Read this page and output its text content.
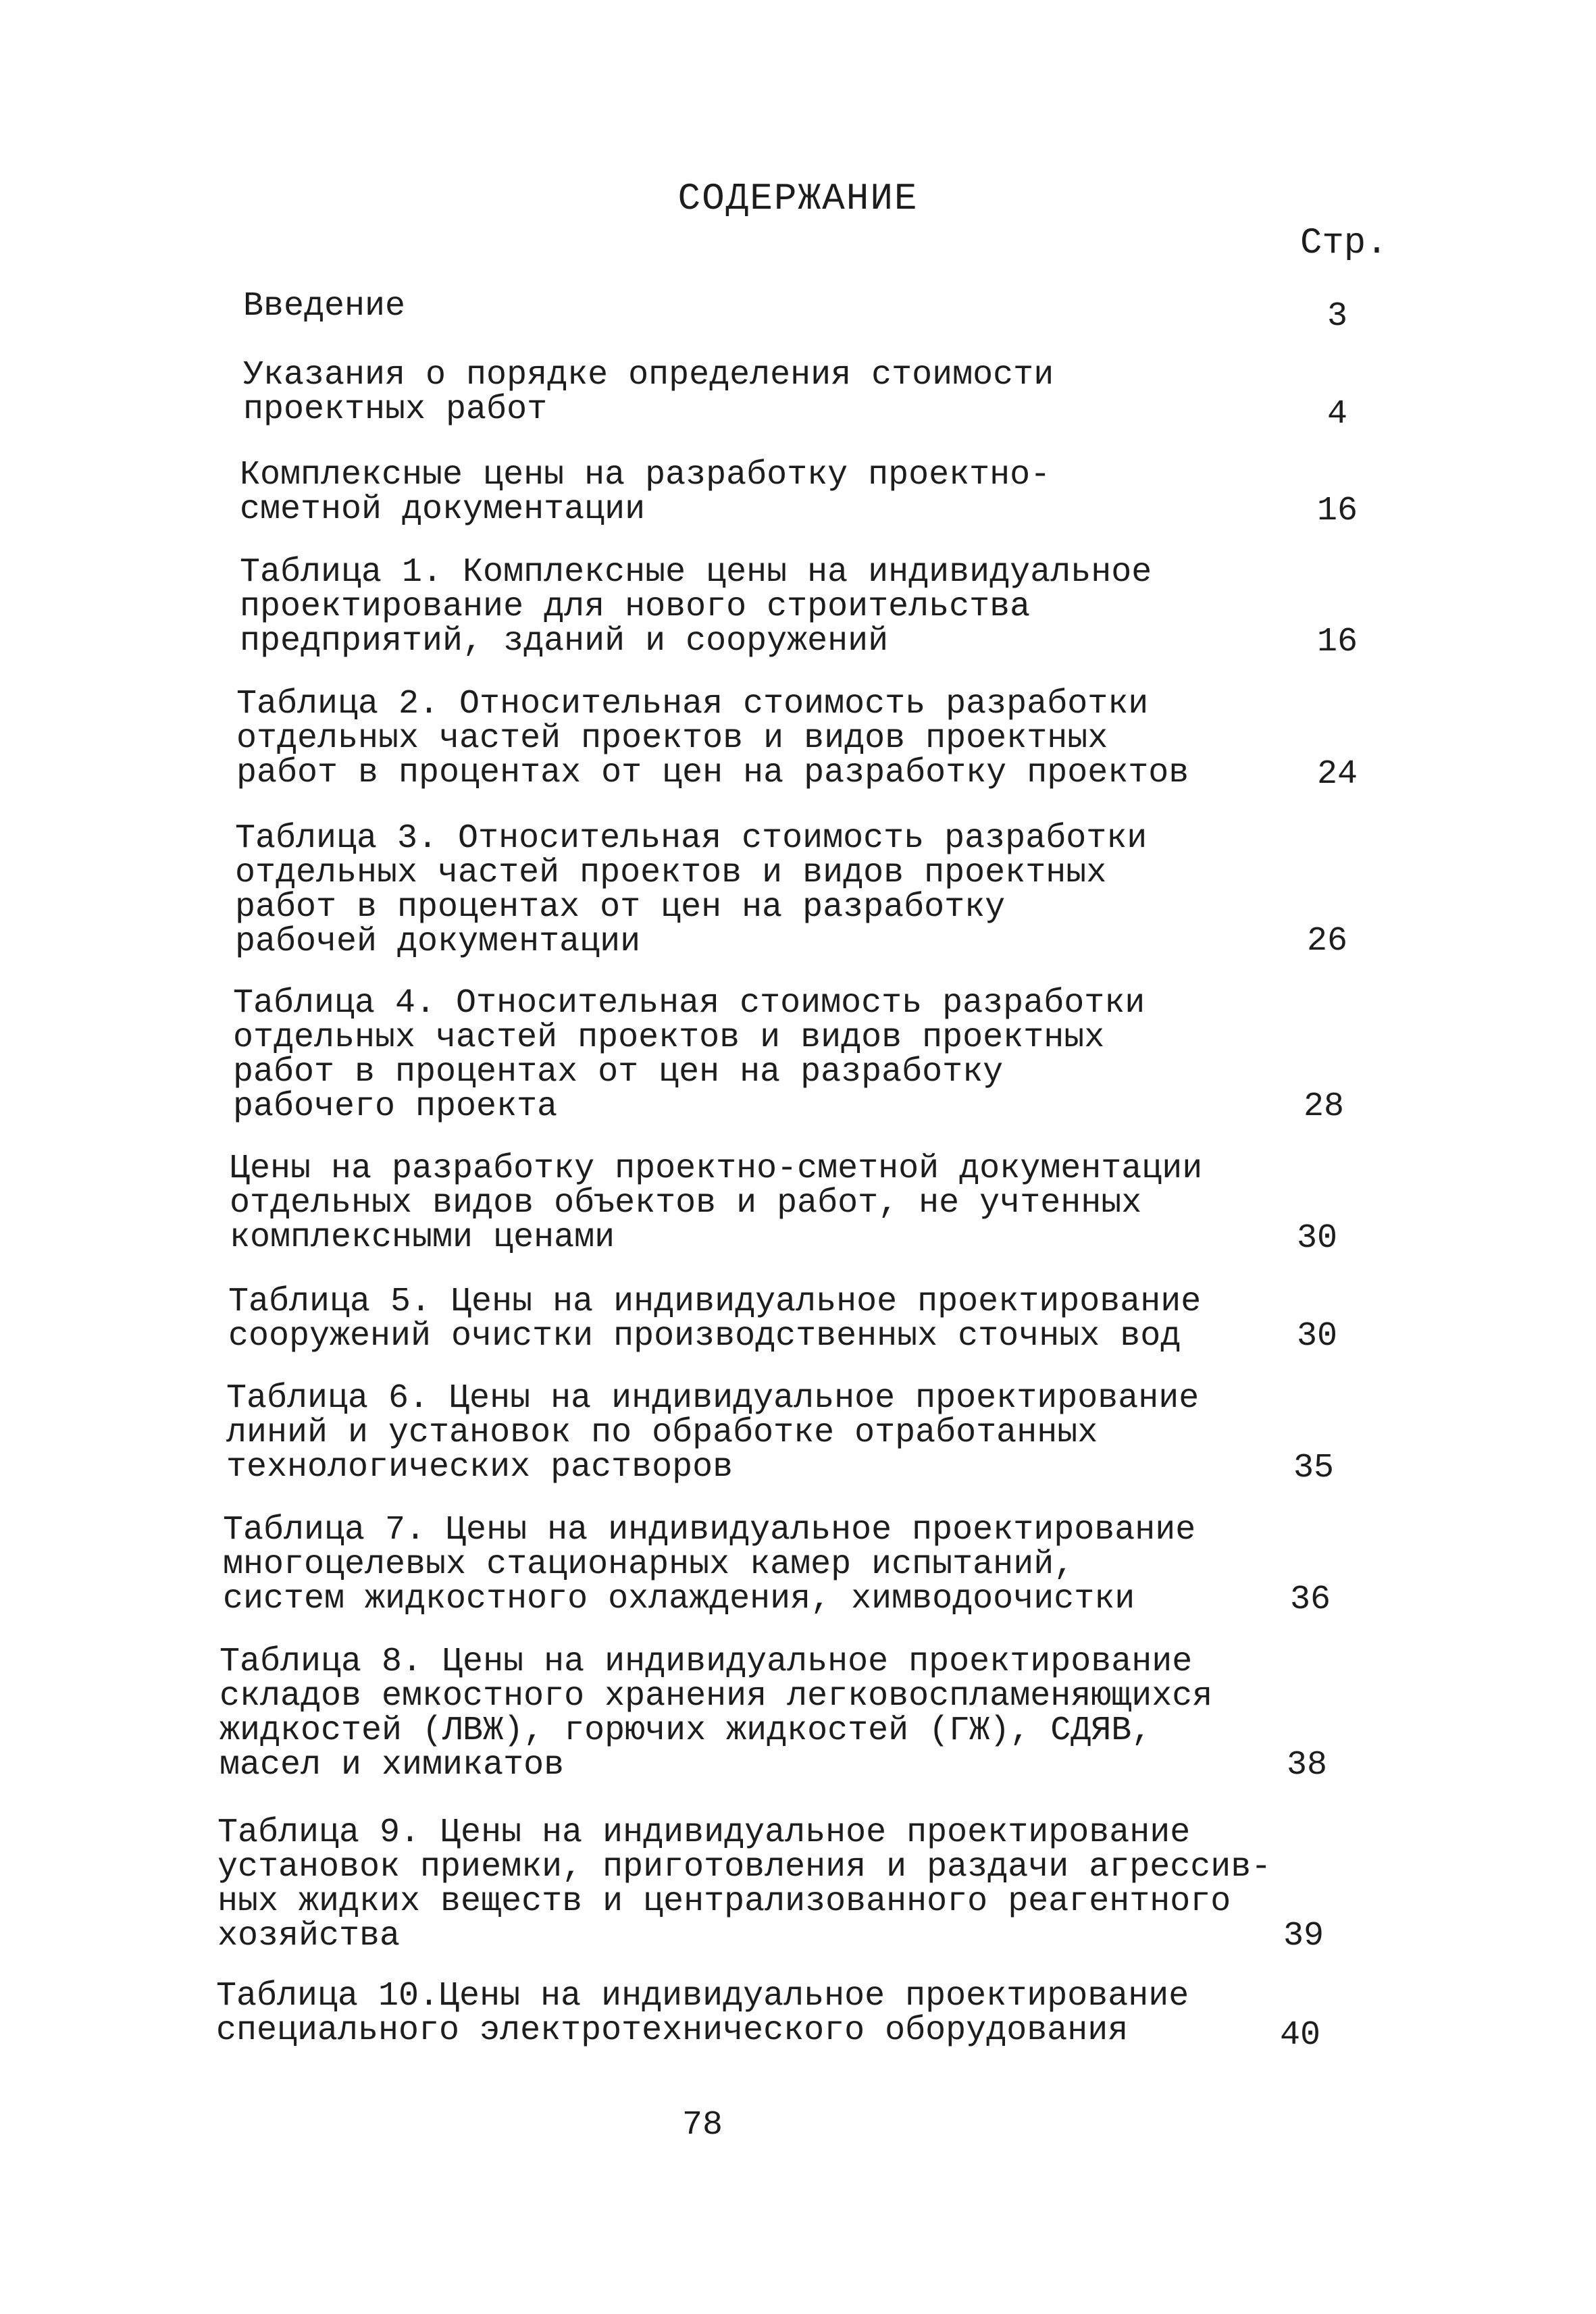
СОДЕРЖАНИЕ
Стр.
Введение	3
Указания о порядке определения стоимости
проектных работ	4
Комплексные цены на разработку проектно-
сметной документации	16
Таблица 1. Комплексные цены на индивидуальное
проектирование для нового строительства
предприятий, зданий и сооружений	16
Таблица 2. Относительная стоимость разработки
отдельных частей проектов и видов проектных
работ в процентах от цен на разработку проектов	24
Таблица 3. Относительная стоимость разработки
отдельных частей проектов и видов проектных
работ в процентах от цен на разработку
рабочей документации	26
Таблица 4. Относительная стоимость разработки
отдельных частей проектов и видов проектных
работ в процентах от цен на разработку
рабочего проекта	28
Цены на разработку проектно-сметной документации
отдельных видов объектов и работ, не учтенных
комплексными ценами	30
Таблица 5. Цены на индивидуальное проектирование
сооружений очистки производственных сточных вод	30
Таблица 6. Цены на индивидуальное проектирование
линий и установок по обработке отработанных
технологических растворов	35
Таблица 7. Цены на индивидуальное проектирование
многоцелевых стационарных камер испытаний,
систем жидкостного охлаждения, химводоочистки	36
Таблица 8. Цены на индивидуальное проектирование
складов емкостного хранения легковоспламеняющихся
жидкостей (ЛВЖ), горючих жидкостей (ГЖ), СДЯВ,
масел и химикатов	38
Таблица 9. Цены на индивидуальное проектирование
установок приемки, приготовления и раздачи агрессив-
ных жидких веществ и централизованного реагентного
хозяйства	39
Таблица 10.Цены на индивидуальное проектирование
специального электротехнического оборудования	40
78
